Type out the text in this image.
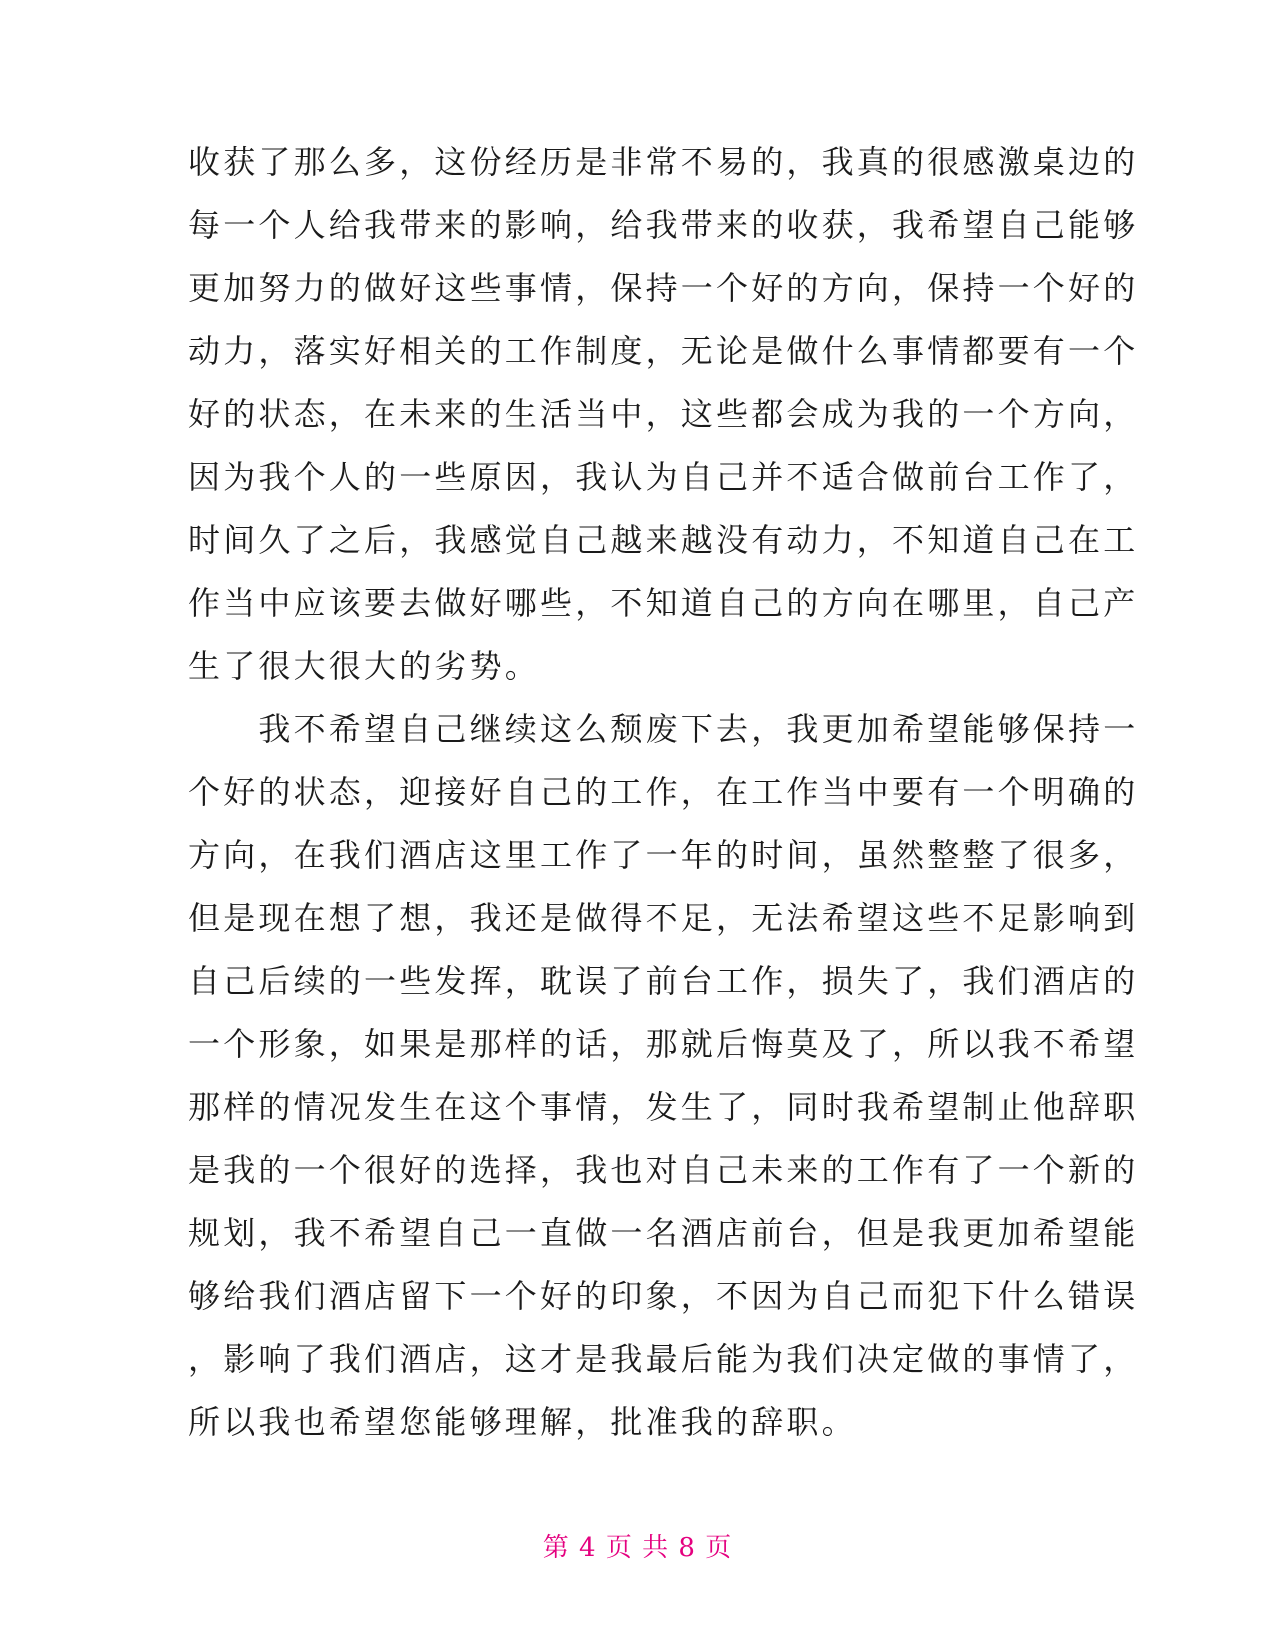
收获了那么多，这份经历是非常不易的，我真的很感激桌边的
每一个人给我带来的影响，给我带来的收获，我希望自己能够
更加努力的做好这些事情，保持一个好的方向，保持一个好的
动力，落实好相关的工作制度，无论是做什么事情都要有一个
好的状态，在未来的生活当中，这些都会成为我的一个方向，
因为我个人的一些原因，我认为自己并不适合做前台工作了，
时间久了之后，我感觉自己越来越没有动力，不知道自己在工
作当中应该要去做好哪些，不知道自己的方向在哪里，自己产
生了很大很大的劣势。
　　我不希望自己继续这么颓废下去，我更加希望能够保持一
个好的状态，迎接好自己的工作，在工作当中要有一个明确的
方向，在我们酒店这里工作了一年的时间，虽然整整了很多，
但是现在想了想，我还是做得不足，无法希望这些不足影响到
自己后续的一些发挥，耽误了前台工作，损失了，我们酒店的
一个形象，如果是那样的话，那就后悔莫及了，所以我不希望
那样的情况发生在这个事情，发生了，同时我希望制止他辞职
是我的一个很好的选择，我也对自己未来的工作有了一个新的
规划，我不希望自己一直做一名酒店前台，但是我更加希望能
够给我们酒店留下一个好的印象，不因为自己而犯下什么错误
，影响了我们酒店，这才是我最后能为我们决定做的事情了，
所以我也希望您能够理解，批准我的辞职。
第 4 页 共 8 页
